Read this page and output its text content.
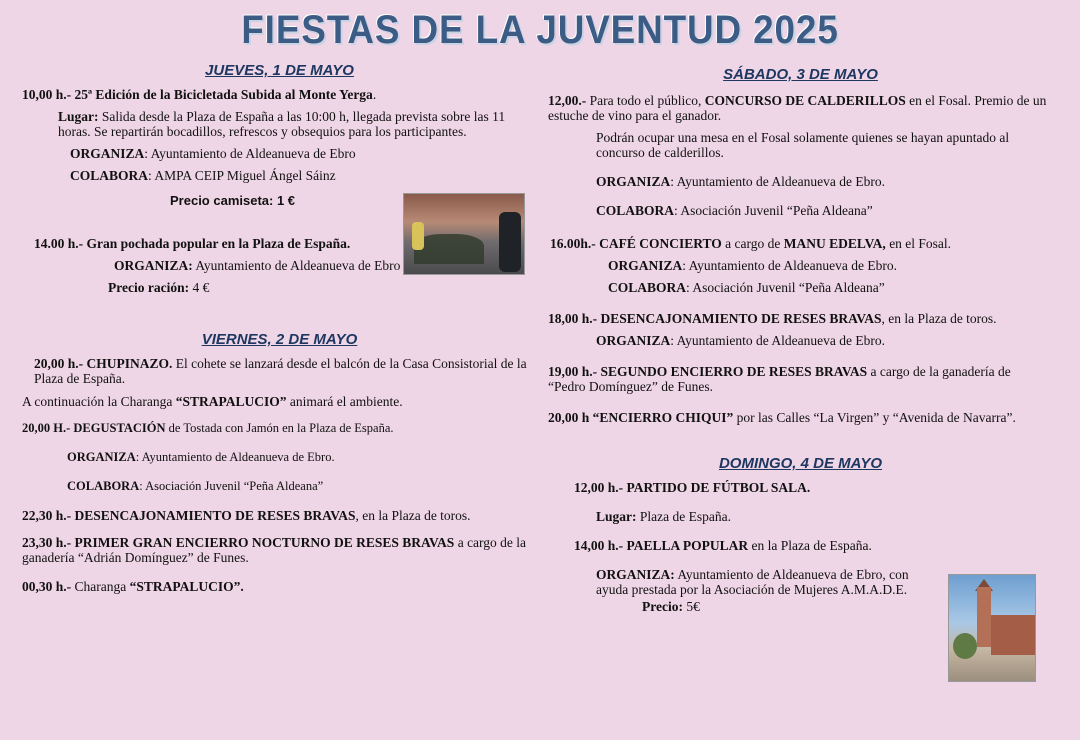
FIESTAS DE LA JUVENTUD 2025
JUEVES, 1 DE MAYO
10,00 h.- 25ª Edición de la Bicicletada Subida al Monte Yerga.
Lugar: Salida desde la Plaza de España a las 10:00 h, llegada prevista sobre las 11 horas. Se repartirán bocadillos, refrescos y obsequios para los participantes.
ORGANIZA: Ayuntamiento de Aldeanueva de Ebro
COLABORA: AMPA CEIP Miguel Ángel Sáinz
Precio camiseta: 1 €
14.00 h.- Gran pochada popular en la Plaza de España.
ORGANIZA: Ayuntamiento de Aldeanueva de Ebro
Precio ración: 4 €
VIERNES, 2 DE MAYO
20,00 h.- CHUPINAZO. El cohete se lanzará desde el balcón de la Casa Consistorial de la Plaza de España.
A continuación la Charanga “STRAPALUCIO” animará el ambiente.
20,00 H.- DEGUSTACIÓN de Tostada con Jamón en la Plaza de España.
ORGANIZA: Ayuntamiento de Aldeanueva de Ebro.
COLABORA: Asociación Juvenil “Peña Aldeana”
22,30 h.- DESENCAJONAMIENTO DE RESES BRAVAS, en la Plaza de toros.
23,30 h.- PRIMER GRAN ENCIERRO NOCTURNO DE RESES BRAVAS a cargo de la ganadería “Adrián Domínguez” de Funes.
00,30 h.- Charanga “STRAPALUCIO”.
SÁBADO, 3 DE MAYO
12,00.- Para todo el público, CONCURSO DE CALDERILLOS en el Fosal. Premio de un estuche de vino para el ganador.
Podrán ocupar una mesa en el Fosal solamente quienes se hayan apuntado al concurso de calderillos.
ORGANIZA: Ayuntamiento de Aldeanueva de Ebro.
COLABORA: Asociación Juvenil “Peña Aldeana”
16.00h.- CAFÉ CONCIERTO a cargo de MANU EDELVA, en el Fosal.
ORGANIZA: Ayuntamiento de Aldeanueva de Ebro.
COLABORA: Asociación Juvenil “Peña Aldeana”
18,00 h.- DESENCAJONAMIENTO DE RESES BRAVAS, en la Plaza de toros.
ORGANIZA: Ayuntamiento de Aldeanueva de Ebro.
19,00 h.- SEGUNDO ENCIERRO DE RESES BRAVAS a cargo de la ganadería de “Pedro Domínguez” de Funes.
20,00 h “ENCIERRO CHIQUI” por las Calles “La Virgen” y “Avenida de Navarra”.
DOMINGO, 4 DE MAYO
12,00 h.- PARTIDO DE FÚTBOL SALA.
Lugar: Plaza de España.
14,00 h.- PAELLA POPULAR en la Plaza de España.
ORGANIZA: Ayuntamiento de Aldeanueva de Ebro, con ayuda prestada por la Asociación de Mujeres A.M.A.D.E.
Precio: 5€
